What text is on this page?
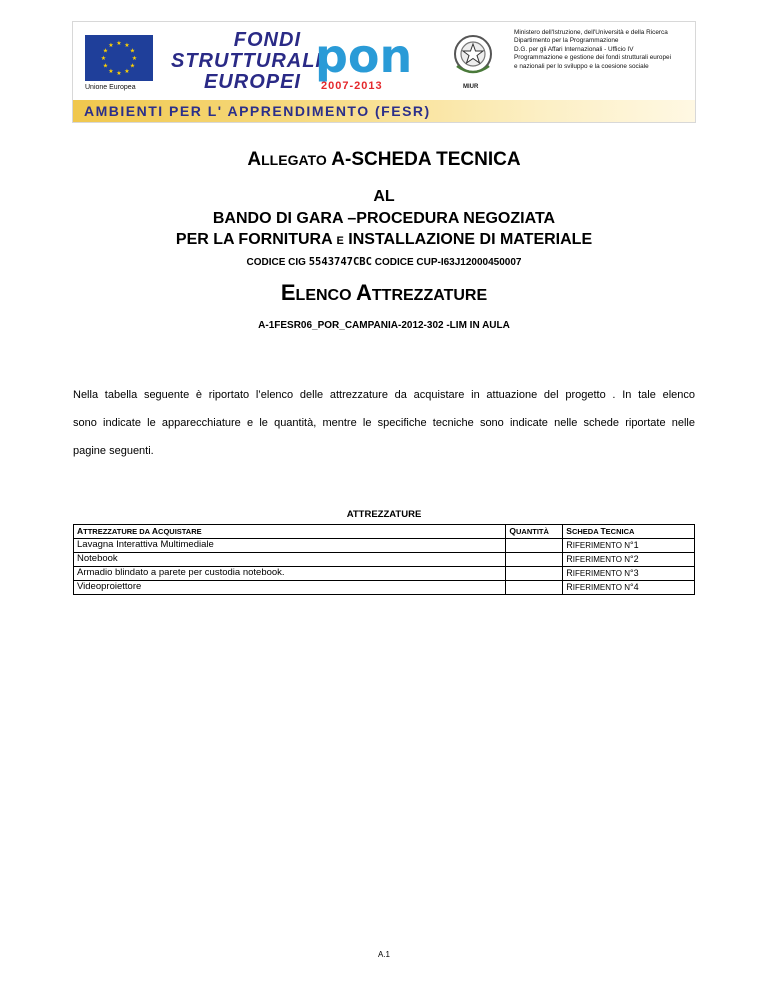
★ ★
★
★
★
★
★
★
★
★
★
★
Unione Europea
FONDI
STRUTTURALI
EUROPEI pon
2007-2013	MIUR
Ministero dell'Istruzione, dell'Università e della Ricerca
Dipartimento per la Programmazione
D.G. per gli Affari Internazionali - Ufficio IV
Programmazione e gestione dei fondi strutturali europei
e nazionali per lo sviluppo e la coesione sociale
AMBIENTI PER L' APPRENDIMENTO (FESR)
ALLEGATO A-SCHEDA TECNICA
AL
BANDO DI GARA –PROCEDURA NEGOZIATA
PER LA FORNITURA E INSTALLAZIONE DI MATERIALE
CODICE CIG 5543747CBC CODICE CUP-I63J12000450007
ELENCO ATTREZZATURE
A-1FESR06_POR_CAMPANIA-2012-302 -LIM IN AULA
Nella tabella seguente è riportato l’elenco delle attrezzature da acquistare in attuazione del progetto . In tale elenco
sono indicate le apparecchiature e le quantità, mentre le specifiche tecniche sono indicate nelle schede riportate nelle
pagine seguenti.
ATTREZZATURE
ATTREZZATURE DA ACQUISTARE	QUANTITÀ	SCHEDA TECNICA
Lavagna Interattiva Multimediale		RIFERIMENTO N°1
Notebook		RIFERIMENTO N°2
Armadio blindato a parete per custodia notebook.		RIFERIMENTO N°3
Videoproiettore		RIFERIMENTO N°4
A.1
